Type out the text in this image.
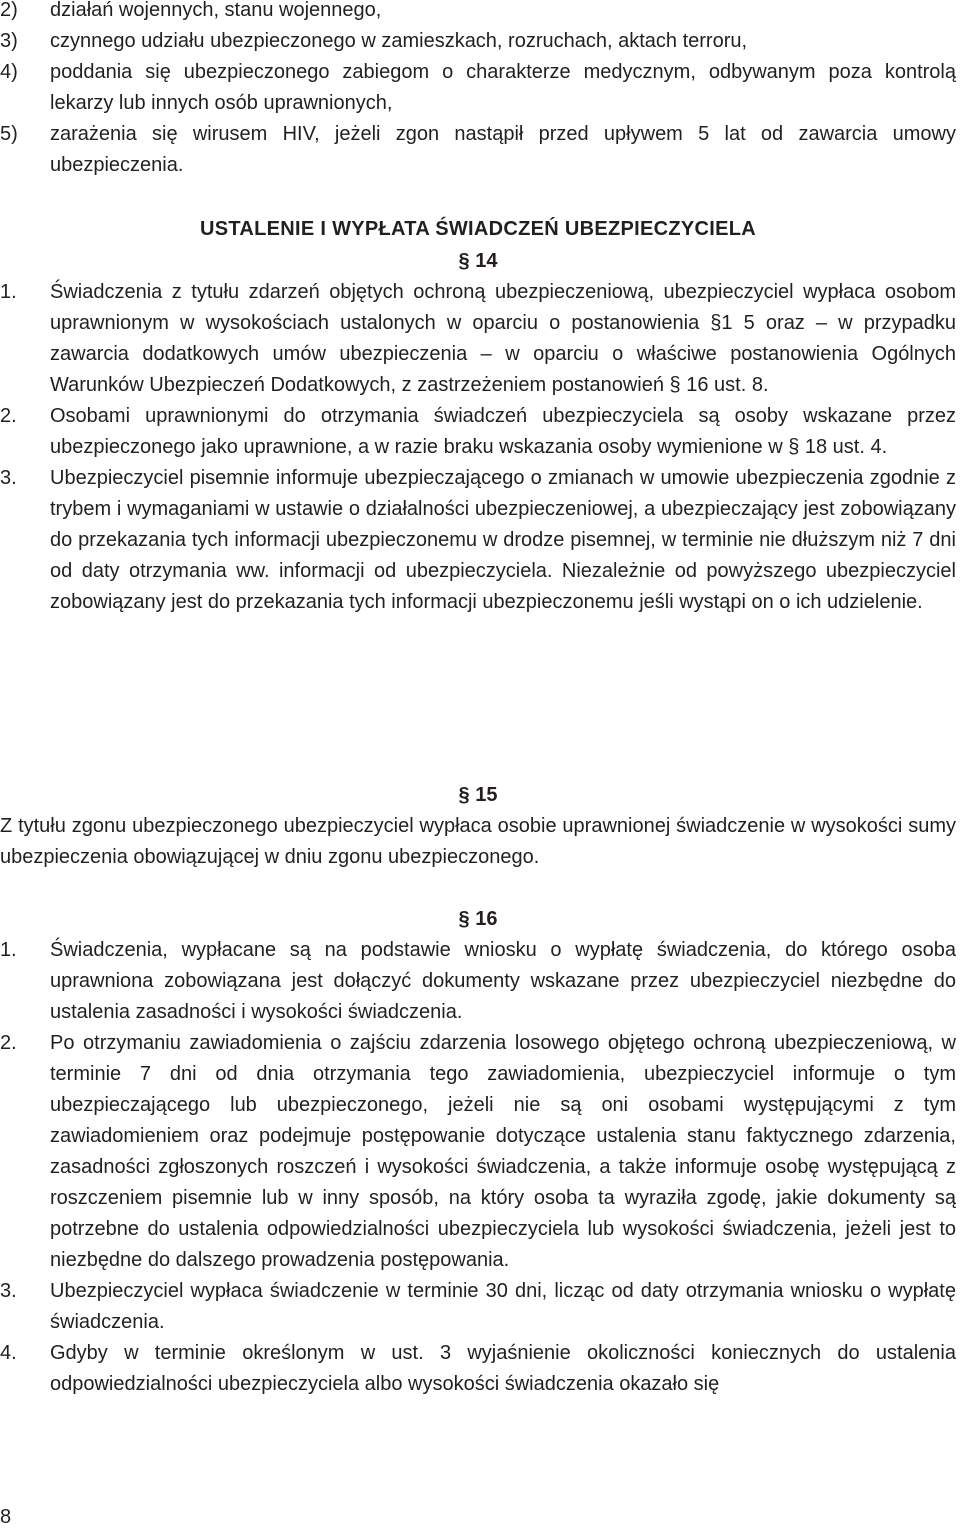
2) działań wojennych, stanu wojennego,
3) czynnego udziału ubezpieczonego w zamieszkach, rozruchach, aktach terroru,
4) poddania się ubezpieczonego zabiegom o charakterze medycznym, odbywanym poza kontrolą lekarzy lub innych osób uprawnionych,
5) zarażenia się wirusem HIV, jeżeli zgon nastąpił przed upływem 5 lat od zawarcia umowy ubezpieczenia.
USTALENIE I WYPŁATA ŚWIADCZEŃ UBEZPIECZYCIELA
§ 14
1. Świadczenia z tytułu zdarzeń objętych ochroną ubezpieczeniową, ubezpieczyciel wypłaca osobom uprawnionym w wysokościach ustalonych w oparciu o postanowienia §1 5 oraz – w przypadku zawarcia dodatkowych umów ubezpieczenia – w oparciu o właściwe postanowienia Ogólnych Warunków Ubezpieczeń Dodatkowych, z zastrzeżeniem postanowień § 16 ust. 8.
2. Osobami uprawnionymi do otrzymania świadczeń ubezpieczyciela są osoby wskazane przez ubezpieczonego jako uprawnione, a w razie braku wskazania osoby wymienione w § 18 ust. 4.
3. Ubezpieczyciel pisemnie informuje ubezpieczającego o zmianach w umowie ubezpieczenia zgodnie z trybem i wymaganiami w ustawie o działalności ubezpieczeniowej, a ubezpieczający jest zobowiązany do przekazania tych informacji ubezpieczonemu w drodze pisemnej, w terminie nie dłuższym niż 7 dni od daty otrzymania ww. informacji od ubezpieczyciela. Niezależnie od powyższego ubezpieczyciel zobowiązany jest do przekazania tych informacji ubezpieczonemu jeśli wystąpi on o ich udzielenie.
§ 15
Z tytułu zgonu ubezpieczonego ubezpieczyciel wypłaca osobie uprawnionej świadczenie w wysokości sumy ubezpieczenia obowiązującej w dniu zgonu ubezpieczonego.
§ 16
1. Świadczenia, wypłacane są na podstawie wniosku o wypłatę świadczenia, do którego osoba uprawniona zobowiązana jest dołączyć dokumenty wskazane przez ubezpieczyciel niezbędne do ustalenia zasadności i wysokości świadczenia.
2. Po otrzymaniu zawiadomienia o zajściu zdarzenia losowego objętego ochroną ubezpieczeniową, w terminie 7 dni od dnia otrzymania tego zawiadomienia, ubezpieczyciel informuje o tym ubezpieczającego lub ubezpieczonego, jeżeli nie są oni osobami występującymi z tym zawiadomieniem oraz podejmuje postępowanie dotyczące ustalenia stanu faktycznego zdarzenia, zasadności zgłoszonych roszczeń i wysokości świadczenia, a także informuje osobę występującą z roszczeniem pisemnie lub w inny sposób, na który osoba ta wyraziła zgodę, jakie dokumenty są potrzebne do ustalenia odpowiedzialności ubezpieczyciela lub wysokości świadczenia, jeżeli jest to niezbędne do dalszego prowadzenia postępowania.
3. Ubezpieczyciel wypłaca świadczenie w terminie 30 dni, licząc od daty otrzymania wniosku o wypłatę świadczenia.
4. Gdyby w terminie określonym w ust. 3 wyjaśnienie okoliczności koniecznych do ustalenia odpowiedzialności ubezpieczyciela albo wysokości świadczenia okazało się
8
